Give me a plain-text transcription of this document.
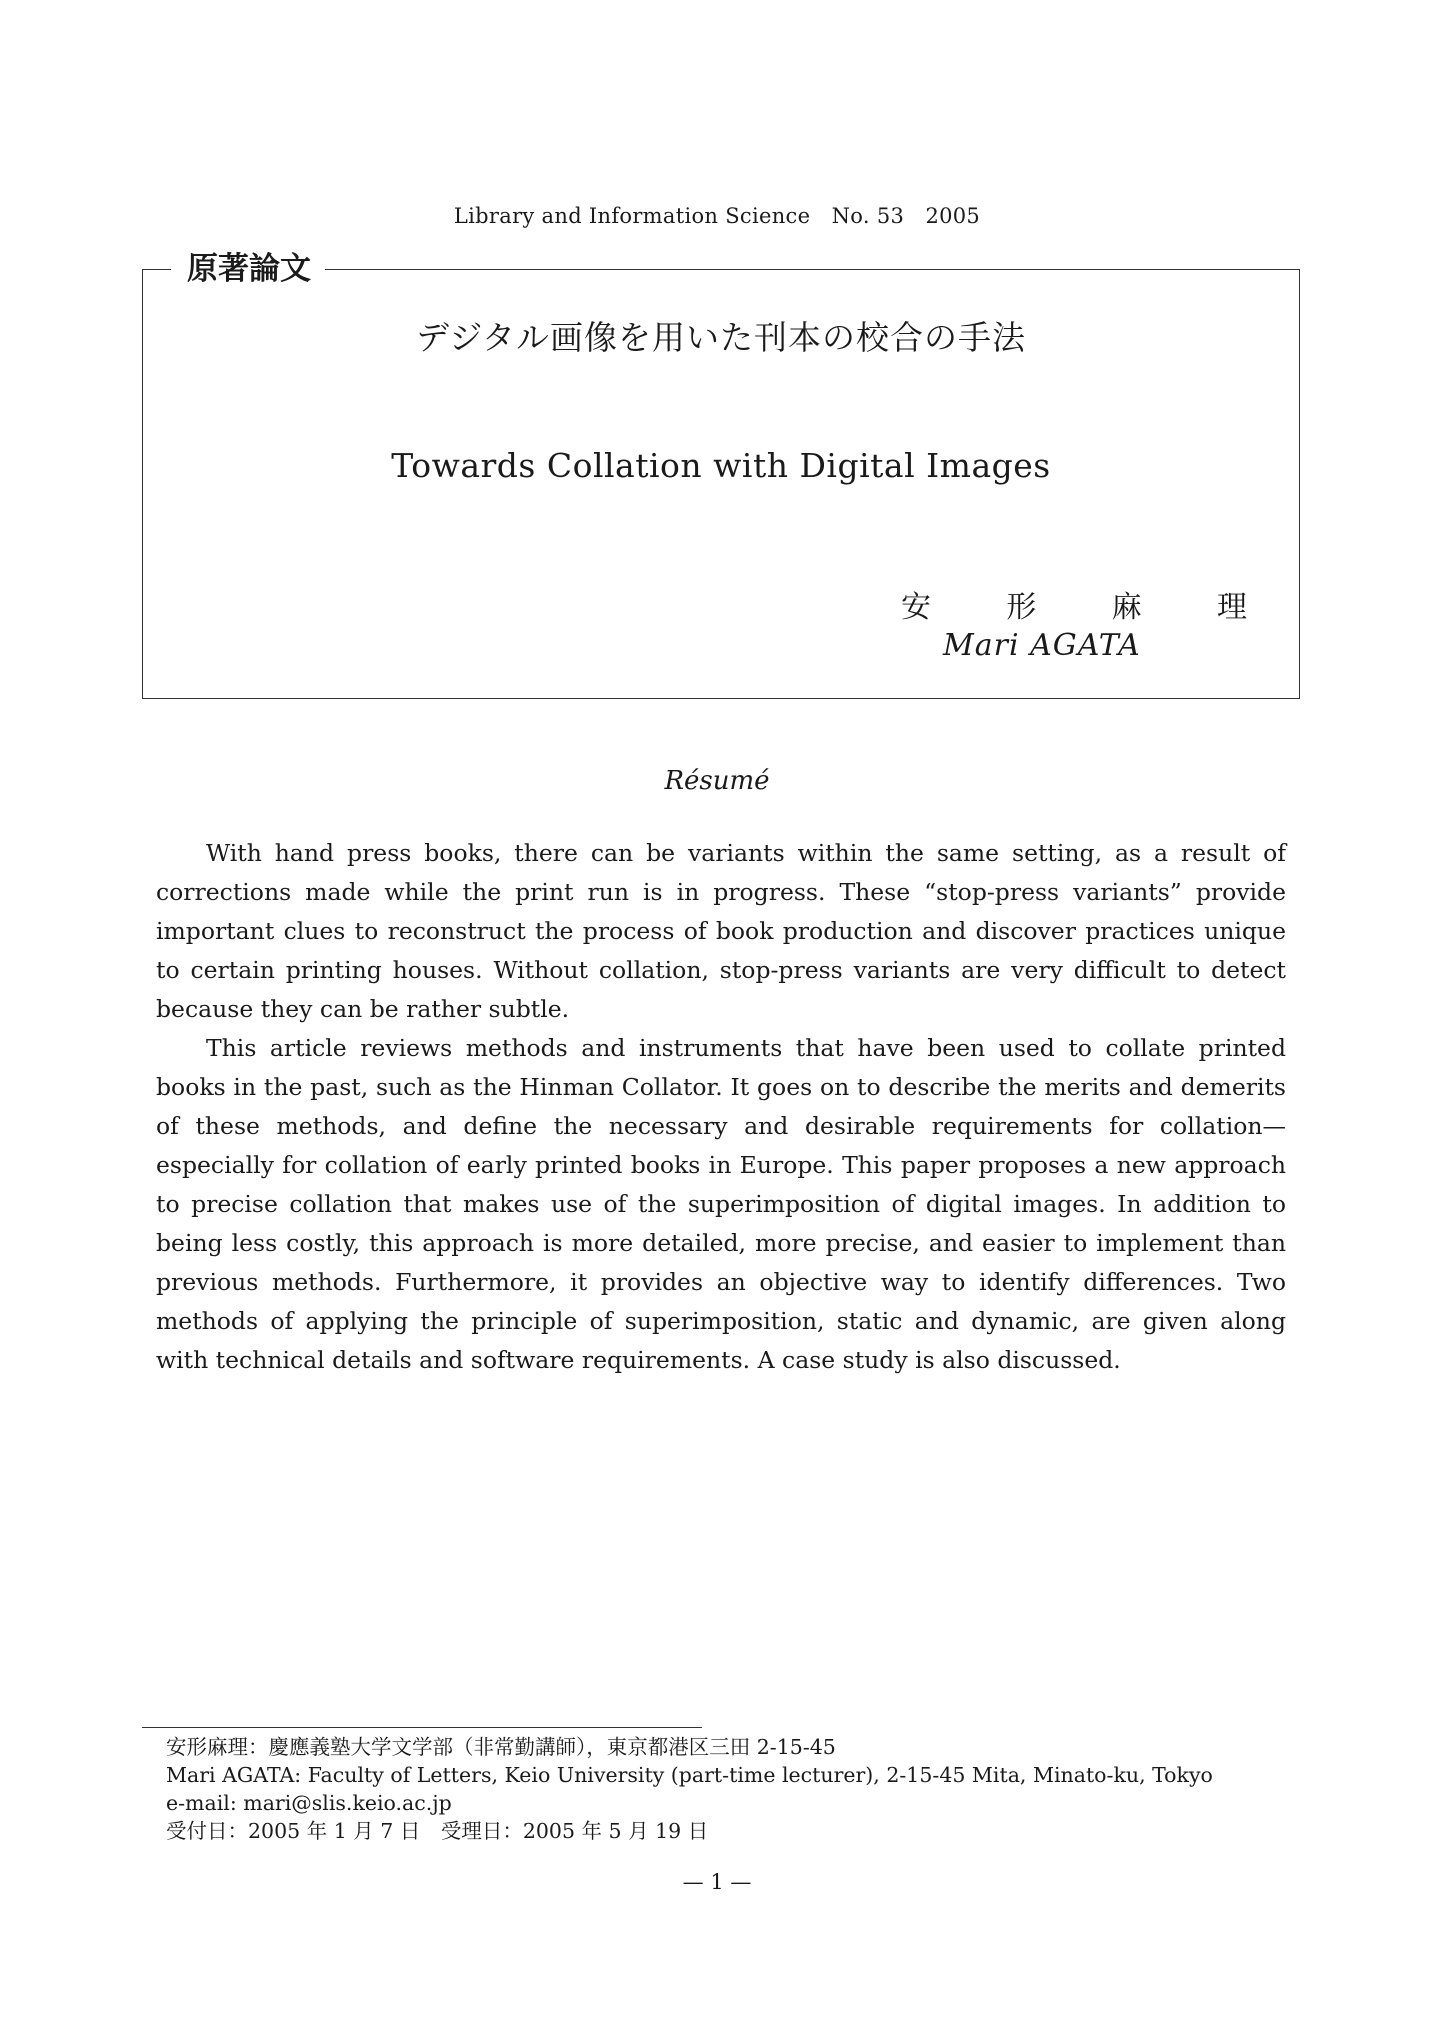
Library and Information Science　No. 53　2005
原著論文
デジタル画像を用いた刊本の校合の手法
Towards Collation with Digital Images
安	形	麻	理
Mari AGATA
Résumé

With hand press books, there can be variants within the same setting, as a result of corrections made while the print run is in progress. These “stop-press variants” provide important clues to reconstruct the process of book production and discover practices unique to certain printing houses. Without collation, stop-press variants are very difficult to detect because they can be rather subtle.

This article reviews methods and instruments that have been used to collate printed books in the past, such as the Hinman Collator. It goes on to describe the merits and demerits of these methods, and define the necessary and desirable requirements for collation—especially for collation of early printed books in Europe. This paper proposes a new approach to precise collation that makes use of the superimposition of digital images. In addition to being less costly, this approach is more detailed, more precise, and easier to implement than previous methods. Furthermore, it provides an objective way to identify differences. Two methods of applying the principle of superimposition, static and dynamic, are given along with technical details and software requirements. A case study is also discussed.

安形麻理：慶應義塾大学文学部（非常勤講師），東京都港区三田 2-15-45
Mari AGATA: Faculty of Letters, Keio University (part-time lecturer), 2-15-45 Mita, Minato-ku, Tokyo
e-mail: mari@slis.keio.ac.jp
受付日：2005 年 1 月 7 日　受理日：2005 年 5 月 19 日
— 1 —
